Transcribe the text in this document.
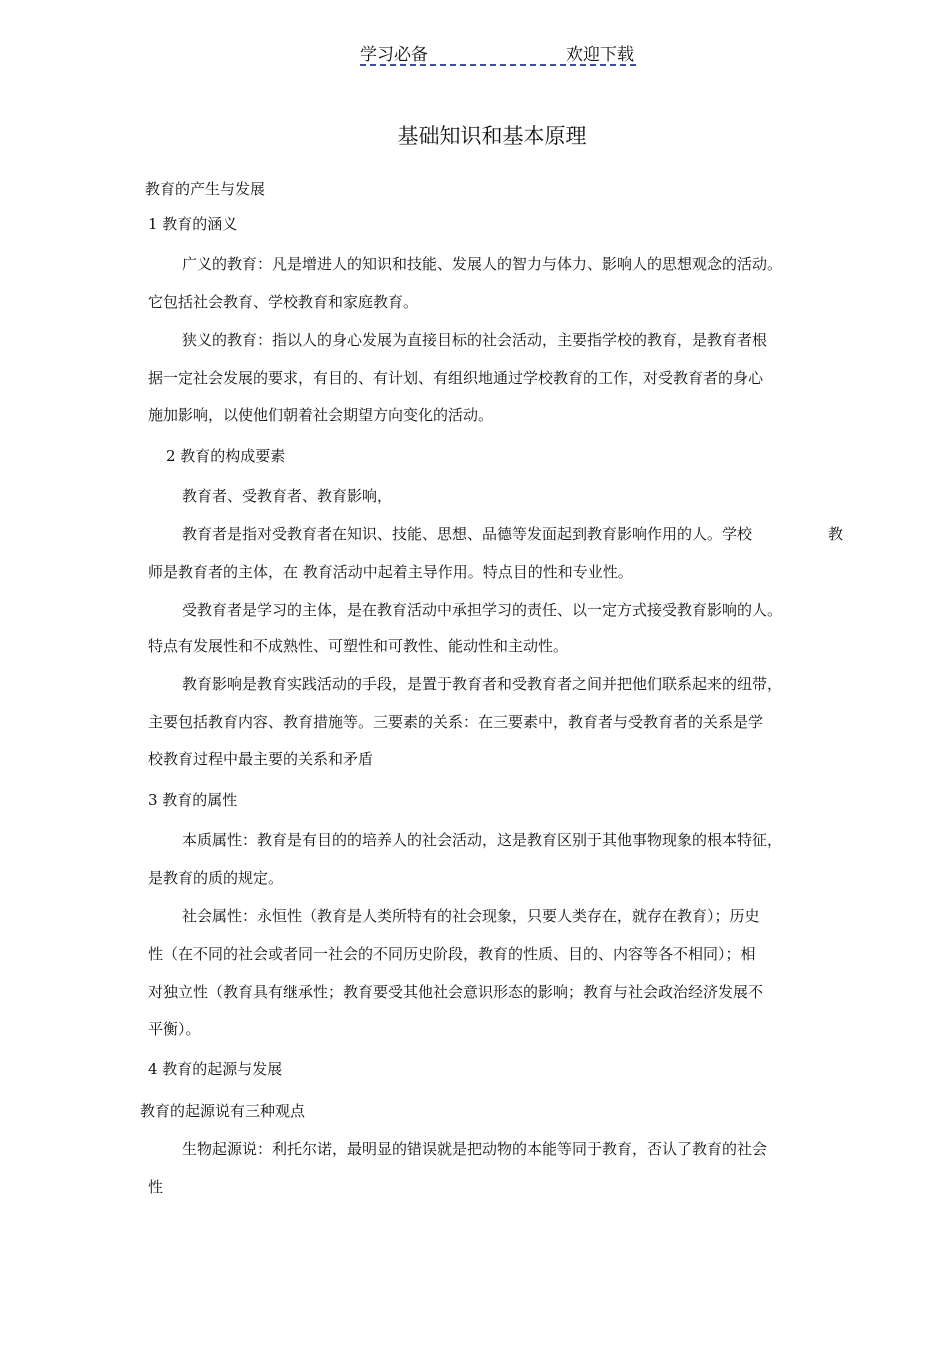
学习必备	欢迎下载
基础知识和基本原理
教育的产生与发展
1 教育的涵义
广义的教育：凡是增进人的知识和技能、发展人的智力与体力、影响人的思想观念的活动。
它包括社会教育、学校教育和家庭教育。
狭义的教育：指以人的身心发展为直接目标的社会活动，主要指学校的教育，是教育者根
据一定社会发展的要求，有目的、有计划、有组织地通过学校教育的工作，对受教育者的身心
施加影响，以使他们朝着社会期望方向变化的活动。
2 教育的构成要素
教育者、受教育者、教育影响，
教育者是指对受教育者在知识、技能、思想、品德等发面起到教育影响作用的人。学校	教
师是教育者的主体，在 教育活动中起着主导作用。特点目的性和专业性。
受教育者是学习的主体，是在教育活动中承担学习的责任、以一定方式接受教育影响的人。
特点有发展性和不成熟性、可塑性和可教性、能动性和主动性。
教育影响是教育实践活动的手段，是置于教育者和受教育者之间并把他们联系起来的纽带，
主要包括教育内容、教育措施等。三要素的关系：在三要素中，教育者与受教育者的关系是学
校教育过程中最主要的关系和矛盾
3 教育的属性
本质属性：教育是有目的的培养人的社会活动，这是教育区别于其他事物现象的根本特征，
是教育的质的规定。
社会属性：永恒性（教育是人类所特有的社会现象，只要人类存在，就存在教育）；历史
性（在不同的社会或者同一社会的不同历史阶段，教育的性质、目的、内容等各不相同）；相
对独立性（教育具有继承性；教育要受其他社会意识形态的影响；教育与社会政治经济发展不
平衡）。
4 教育的起源与发展
教育的起源说有三种观点
生物起源说：利托尔诺，最明显的错误就是把动物的本能等同于教育，否认了教育的社会
性
